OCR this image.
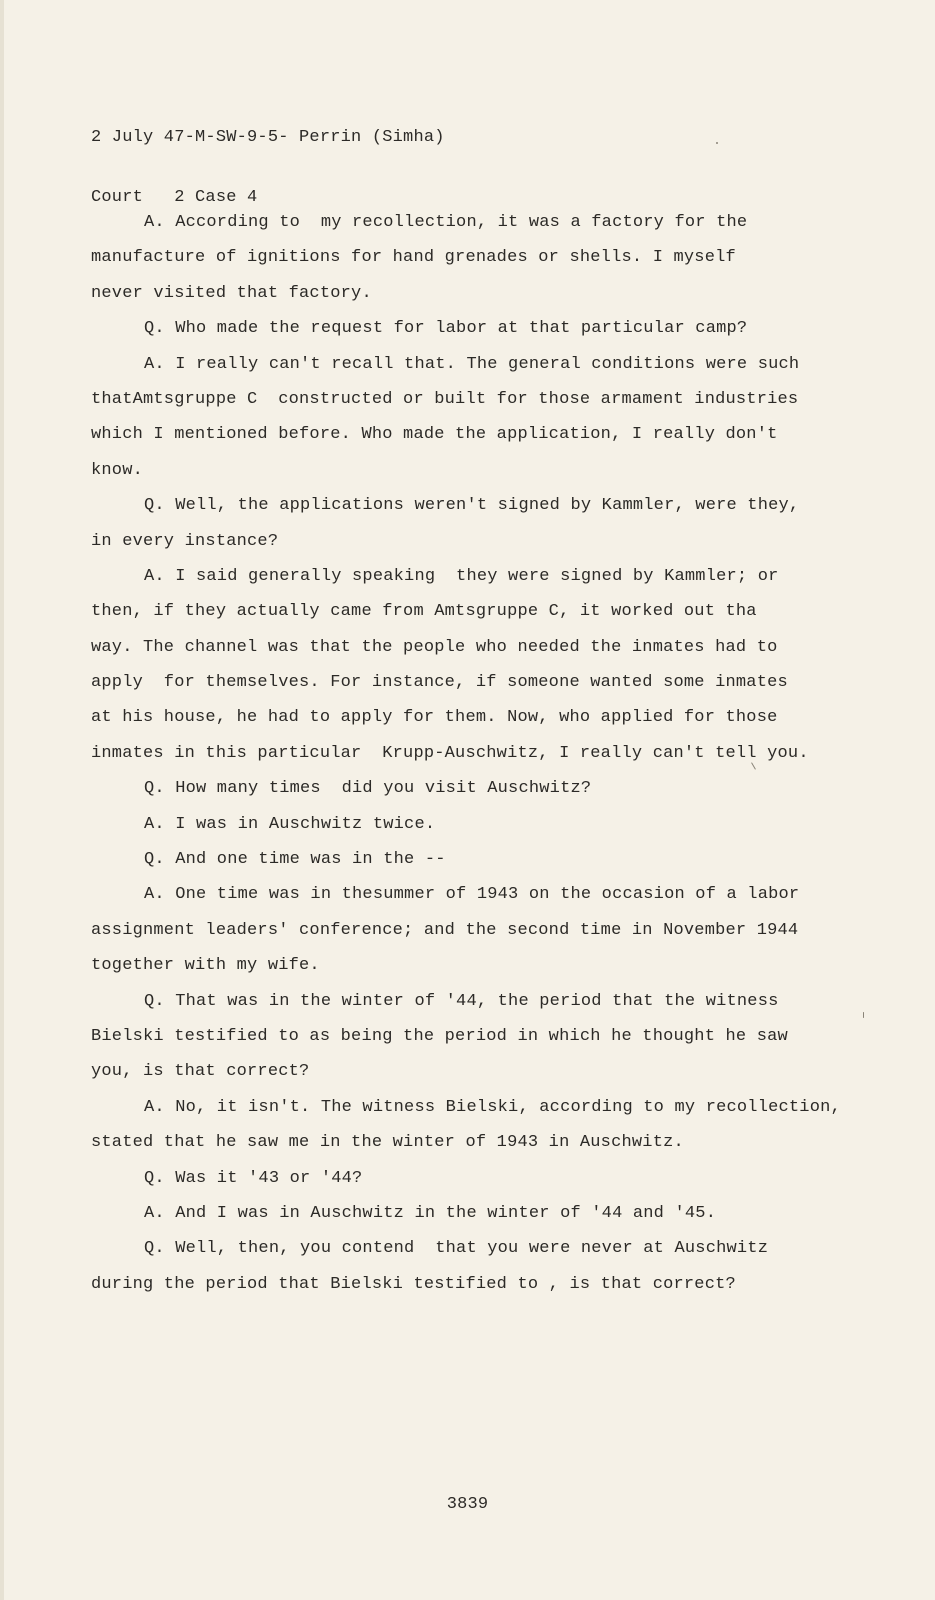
2 July 47-M-SW-9-5- Perrin (Simha)

Court   2 Case 4

A. According to  my recollection, it was a factory for the
manufacture of ignitions for hand grenades or shells. I myself
never visited that factory.
Q. Who made the request for labor at that particular camp?
A. I really can't recall that. The general conditions were such
thatAmtsgruppe C  constructed or built for those armament industries
which I mentioned before. Who made the application, I really don't
know.
Q. Well, the applications weren't signed by Kammler, were they,
in every instance?
A. I said generally speaking  they were signed by Kammler; or
then, if they actually came from Amtsgruppe C, it worked out tha
way. The channel was that the people who needed the inmates had to
apply  for themselves. For instance, if someone wanted some inmates
at his house, he had to apply for them. Now, who applied for those
inmates in this particular  Krupp-Auschwitz, I really can't tell you.
Q. How many times  did you visit Auschwitz?
A. I was in Auschwitz twice.
Q. And one time was in the --
A. One time was in thesummer of 1943 on the occasion of a labor
assignment leaders' conference; and the second time in November 1944
together with my wife.
Q. That was in the winter of '44, the period that the witness
Bielski testified to as being the period in which he thought he saw
you, is that correct?
A. No, it isn't. The witness Bielski, according to my recollection,
stated that he saw me in the winter of 1943 in Auschwitz.
Q. Was it '43 or '44?
A. And I was in Auschwitz in the winter of '44 and '45.
Q. Well, then, you contend  that you were never at Auschwitz
during the period that Bielski testified to , is that correct?
3839
